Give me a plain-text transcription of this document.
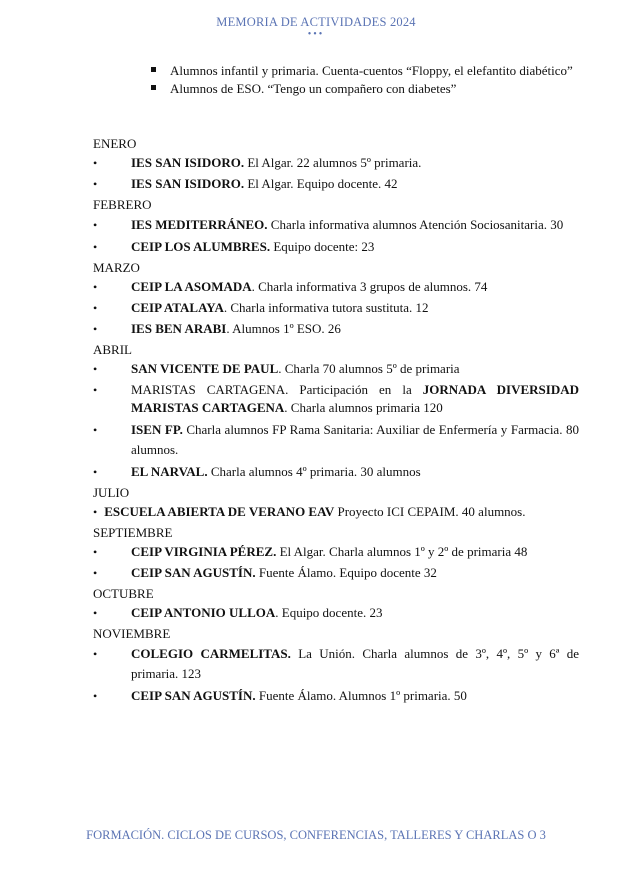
MEMORIA DE ACTIVIDADES 2024
•••
Alumnos infantil y primaria. Cuenta-cuentos “Floppy, el elefantito diabético”
Alumnos de ESO. “Tengo un compañero con diabetes”
ENERO
•	IES SAN ISIDORO. El Algar. 22 alumnos 5º primaria.
•	IES SAN ISIDORO. El Algar. Equipo docente. 42
FEBRERO
•	IES MEDITERRÁNEO. Charla informativa alumnos Atención Sociosanitaria. 30
•	CEIP LOS ALUMBRES. Equipo docente: 23
MARZO
•	CEIP LA ASOMADA. Charla informativa 3 grupos de alumnos. 74
•	CEIP ATALAYA. Charla informativa tutora sustituta. 12
•	IES BEN ARABI. Alumnos 1º ESO. 26
ABRIL
•	SAN VICENTE DE PAUL. Charla 70 alumnos 5º de primaria
•	MARISTAS CARTAGENA. Participación en la JORNADA DIVERSIDAD MARISTAS CARTAGENA. Charla alumnos primaria 120
•	ISEN FP. Charla alumnos FP Rama Sanitaria: Auxiliar de Enfermería y Farmacia. 80 alumnos.
•	EL NARVAL. Charla alumnos 4º primaria. 30 alumnos
JULIO
• ESCUELA ABIERTA DE VERANO EAV Proyecto ICI CEPAIM. 40 alumnos.
SEPTIEMBRE
•	CEIP VIRGINIA PÉREZ. El Algar. Charla alumnos 1º y 2º de primaria 48
•	CEIP SAN AGUSTÍN. Fuente Álamo. Equipo docente 32
OCTUBRE
•	CEIP ANTONIO ULLOA. Equipo docente. 23
NOVIEMBRE
•	COLEGIO CARMELITAS. La Unión. Charla alumnos de 3º, 4º, 5º y 6ª de primaria. 123
•	CEIP SAN AGUSTÍN. Fuente Álamo. Alumnos 1º primaria. 50
FORMACIÓN. CICLOS DE CURSOS, CONFERENCIAS, TALLERES Y CHARLAS O 3
